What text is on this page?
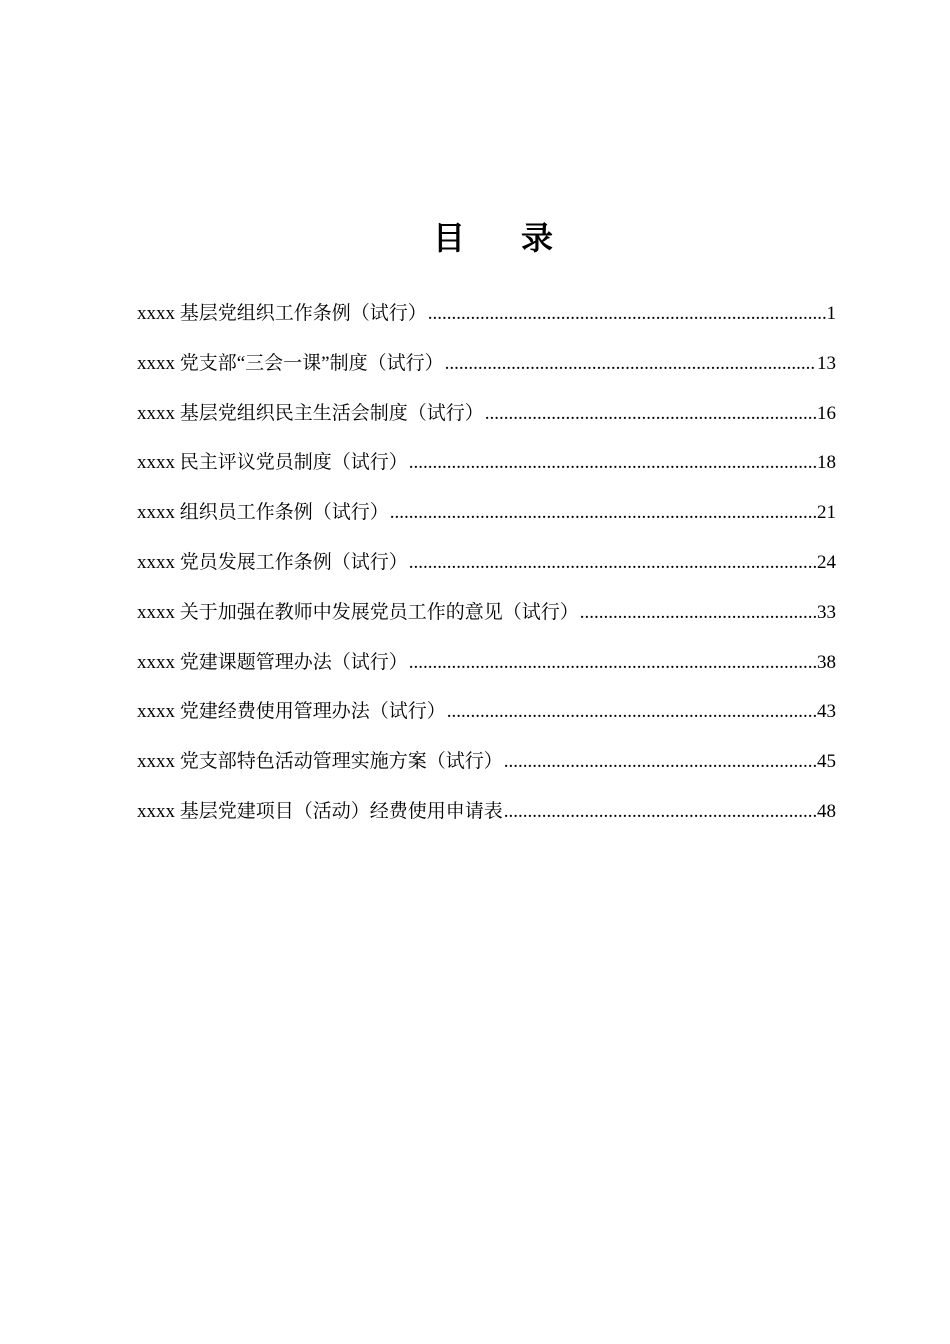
目 录
xxxx 基层党组织工作条例（试行） .....	1
xxxx 党支部“三会一课”制度（试行） .....	13
xxxx 基层党组织民主生活会制度（试行） .....	16
xxxx 民主评议党员制度（试行） .....	18
xxxx 组织员工作条例（试行） .....	21
xxxx 党员发展工作条例（试行） .....	24
xxxx 关于加强在教师中发展党员工作的意见（试行） .....	33
xxxx 党建课题管理办法（试行） .....	38
xxxx 党建经费使用管理办法（试行） .....	43
xxxx 党支部特色活动管理实施方案（试行） .....	45
xxxx 基层党建项目（活动）经费使用申请表 .....	48
